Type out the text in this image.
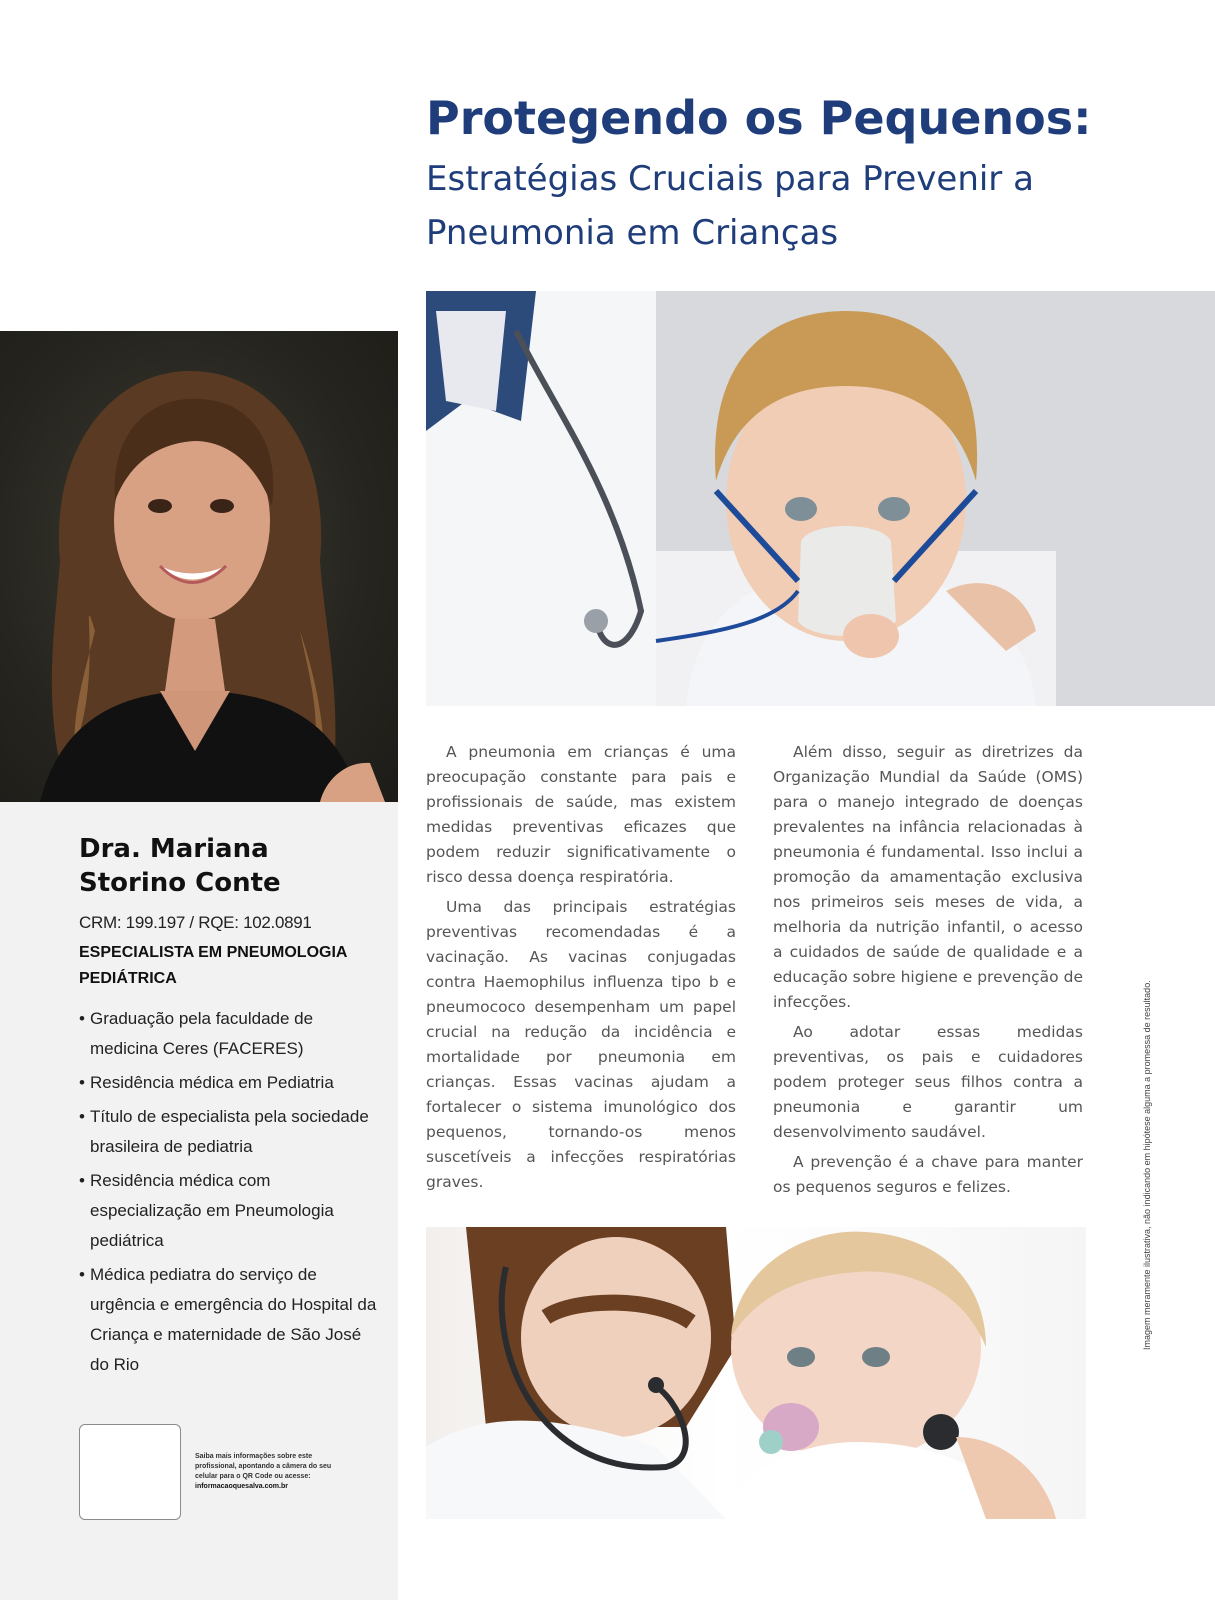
Protegendo os Pequenos:
Estratégias Cruciais para Prevenir a Pneumonia em Crianças

A pneumonia em crianças é uma preocupação constante para pais e profissionais de saúde, mas existem medidas preventivas eficazes que podem reduzir significativamente o risco dessa doença respiratória.

Uma das principais estratégias preventivas recomendadas é a vacinação. As vacinas conjugadas contra Haemophilus influenza tipo b e pneumococo desempenham um papel crucial na redução da incidência e mortalidade por pneumonia em crianças. Essas vacinas ajudam a fortalecer o sistema imunológico dos pequenos, tornando-os menos suscetíveis a infecções respiratórias graves.

Além disso, seguir as diretrizes da Organização Mundial da Saúde (OMS) para o manejo integrado de doenças prevalentes na infância relacionadas à pneumonia é fundamental. Isso inclui a promoção da amamentação exclusiva nos primeiros seis meses de vida, a melhoria da nutrição infantil, o acesso a cuidados de saúde de qualidade e a educação sobre higiene e prevenção de infecções.

Ao adotar essas medidas preventivas, os pais e cuidadores podem proteger seus filhos contra a pneumonia e garantir um desenvolvimento saudável.

A prevenção é a chave para manter os pequenos seguros e felizes.

Dra. Mariana
Storino Conte
CRM: 199.197 / RQE: 102.0891
ESPECIALISTA EM PNEUMOLOGIA PEDIÁTRICA
• Graduação pela faculdade de medicina Ceres (FACERES)
• Residência médica em Pediatria
• Título de especialista pela sociedade brasileira de pediatria
• Residência médica com especialização em Pneumologia pediátrica
• Médica pediatra do serviço de urgência e emergência do Hospital da Criança e maternidade de São José do Rio
Saiba mais informações sobre este profissional, apontando a câmera do seu celular para o QR Code ou acesse:
informacaoquesalva.com.br
Imagem meramente ilustrativa, não indicando em hipótese alguma a promessa de resultado.
